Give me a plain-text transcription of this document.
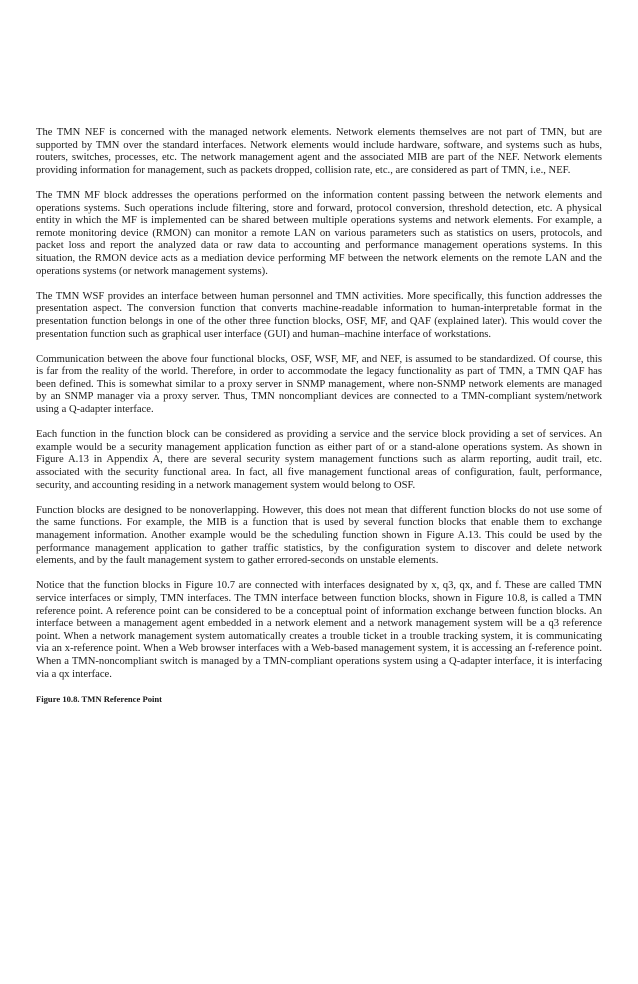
The TMN NEF is concerned with the managed network elements. Network elements themselves are not part of TMN, but are supported by TMN over the standard interfaces. Network elements would include hardware, software, and systems such as hubs, routers, switches, processes, etc. The network management agent and the associated MIB are part of the NEF. Network elements providing information for management, such as packets dropped, collision rate, etc., are considered as part of TMN, i.e., NEF.

The TMN MF block addresses the operations performed on the information content passing between the network elements and operations systems. Such operations include filtering, store and forward, protocol conversion, threshold detection, etc. A physical entity in which the MF is implemented can be shared between multiple operations systems and network elements. For example, a remote monitoring device (RMON) can monitor a remote LAN on various parameters such as statistics on users, protocols, and packet loss and report the analyzed data or raw data to accounting and performance management operations systems. In this situation, the RMON device acts as a mediation device performing MF between the network elements on the remote LAN and the operations systems (or network management systems).

The TMN WSF provides an interface between human personnel and TMN activities. More specifically, this function addresses the presentation aspect. The conversion function that converts machine-readable information to human-interpretable format in the presentation function belongs in one of the other three function blocks, OSF, MF, and QAF (explained later). This would cover the presentation function such as graphical user interface (GUI) and human–machine interface of workstations.

Communication between the above four functional blocks, OSF, WSF, MF, and NEF, is assumed to be standardized. Of course, this is far from the reality of the world. Therefore, in order to accommodate the legacy functionality as part of TMN, a TMN QAF has been defined. This is somewhat similar to a proxy server in SNMP management, where non-SNMP network elements are managed by an SNMP manager via a proxy server. Thus, TMN noncompliant devices are connected to a TMN-compliant system/network using a Q-adapter interface.

Each function in the function block can be considered as providing a service and the service block providing a set of services. An example would be a security management application function as either part of or a stand-alone operations system. As shown in Figure A.13 in Appendix A, there are several security system management functions such as alarm reporting, audit trail, etc. associated with the security functional area. In fact, all five management functional areas of configuration, fault, performance, security, and accounting residing in a network management system would belong to OSF.

Function blocks are designed to be nonoverlapping. However, this does not mean that different function blocks do not use some of the same functions. For example, the MIB is a function that is used by several function blocks that enable them to exchange management information. Another example would be the scheduling function shown in Figure A.13. This could be used by the performance management application to gather traffic statistics, by the configuration system to discover and delete network elements, and by the fault management system to gather errored-seconds on unstable elements.

Notice that the function blocks in Figure 10.7 are connected with interfaces designated by x, q3, qx, and f. These are called TMN service interfaces or simply, TMN interfaces. The TMN interface between function blocks, shown in Figure 10.8, is called a TMN reference point. A reference point can be considered to be a conceptual point of information exchange between function blocks. An interface between a management agent embedded in a network element and a network management system will be a q3 reference point. When a network management system automatically creates a trouble ticket in a trouble tracking system, it is communicating via an x-reference point. When a Web browser interfaces with a Web-based management system, it is accessing an f-reference point. When a TMN-noncompliant switch is managed by a TMN-compliant operations system using a Q-adapter interface, it is interfacing via a qx interface.

Figure 10.8. TMN Reference Point
